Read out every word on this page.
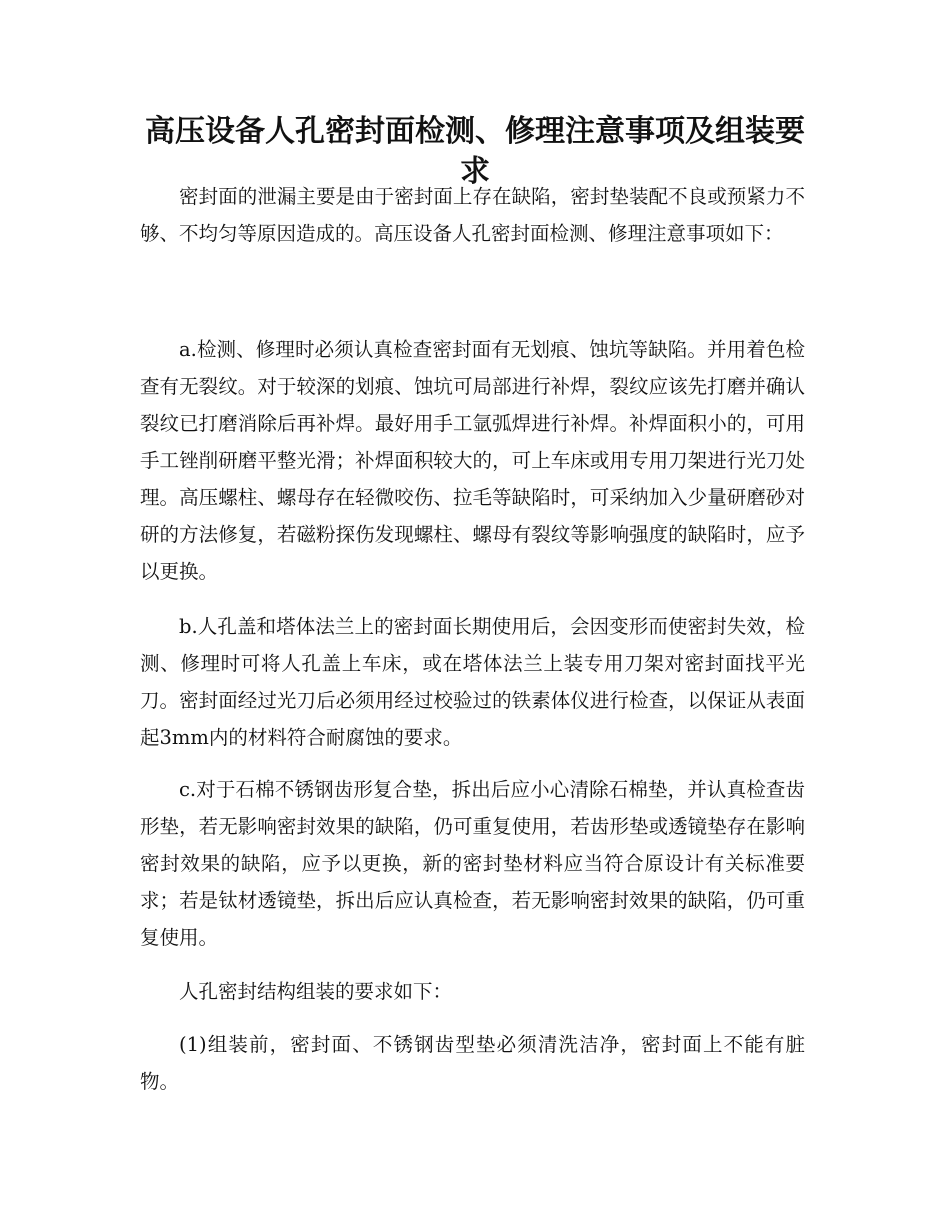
高压设备人孔密封面检测、修理注意事项及组装要求

密封面的泄漏主要是由于密封面上存在缺陷，密封垫装配不良或预紧力不够、不均匀等原因造成的。高压设备人孔密封面检测、修理注意事项如下：

a.检测、修理时必须认真检查密封面有无划痕、蚀坑等缺陷。并用着色检查有无裂纹。对于较深的划痕、蚀坑可局部进行补焊，裂纹应该先打磨并确认裂纹已打磨消除后再补焊。最好用手工氩弧焊进行补焊。补焊面积小的，可用手工锉削研磨平整光滑；补焊面积较大的，可上车床或用专用刀架进行光刀处理。高压螺柱、螺母存在轻微咬伤、拉毛等缺陷时，可采纳加入少量研磨砂对研的方法修复，若磁粉探伤发现螺柱、螺母有裂纹等影响强度的缺陷时，应予以更换。

b.人孔盖和塔体法兰上的密封面长期使用后，会因变形而使密封失效，检测、修理时可将人孔盖上车床，或在塔体法兰上装专用刀架对密封面找平光刀。密封面经过光刀后必须用经过校验过的铁素体仪进行检查，以保证从表面起3mm内的材料符合耐腐蚀的要求。

c.对于石棉不锈钢齿形复合垫，拆出后应小心清除石棉垫，并认真检查齿形垫，若无影响密封效果的缺陷，仍可重复使用，若齿形垫或透镜垫存在影响密封效果的缺陷，应予以更换，新的密封垫材料应当符合原设计有关标准要求；若是钛材透镜垫，拆出后应认真检查，若无影响密封效果的缺陷，仍可重复使用。

人孔密封结构组装的要求如下：

(1)组装前，密封面、不锈钢齿型垫必须清洗洁净，密封面上不能有脏物。
